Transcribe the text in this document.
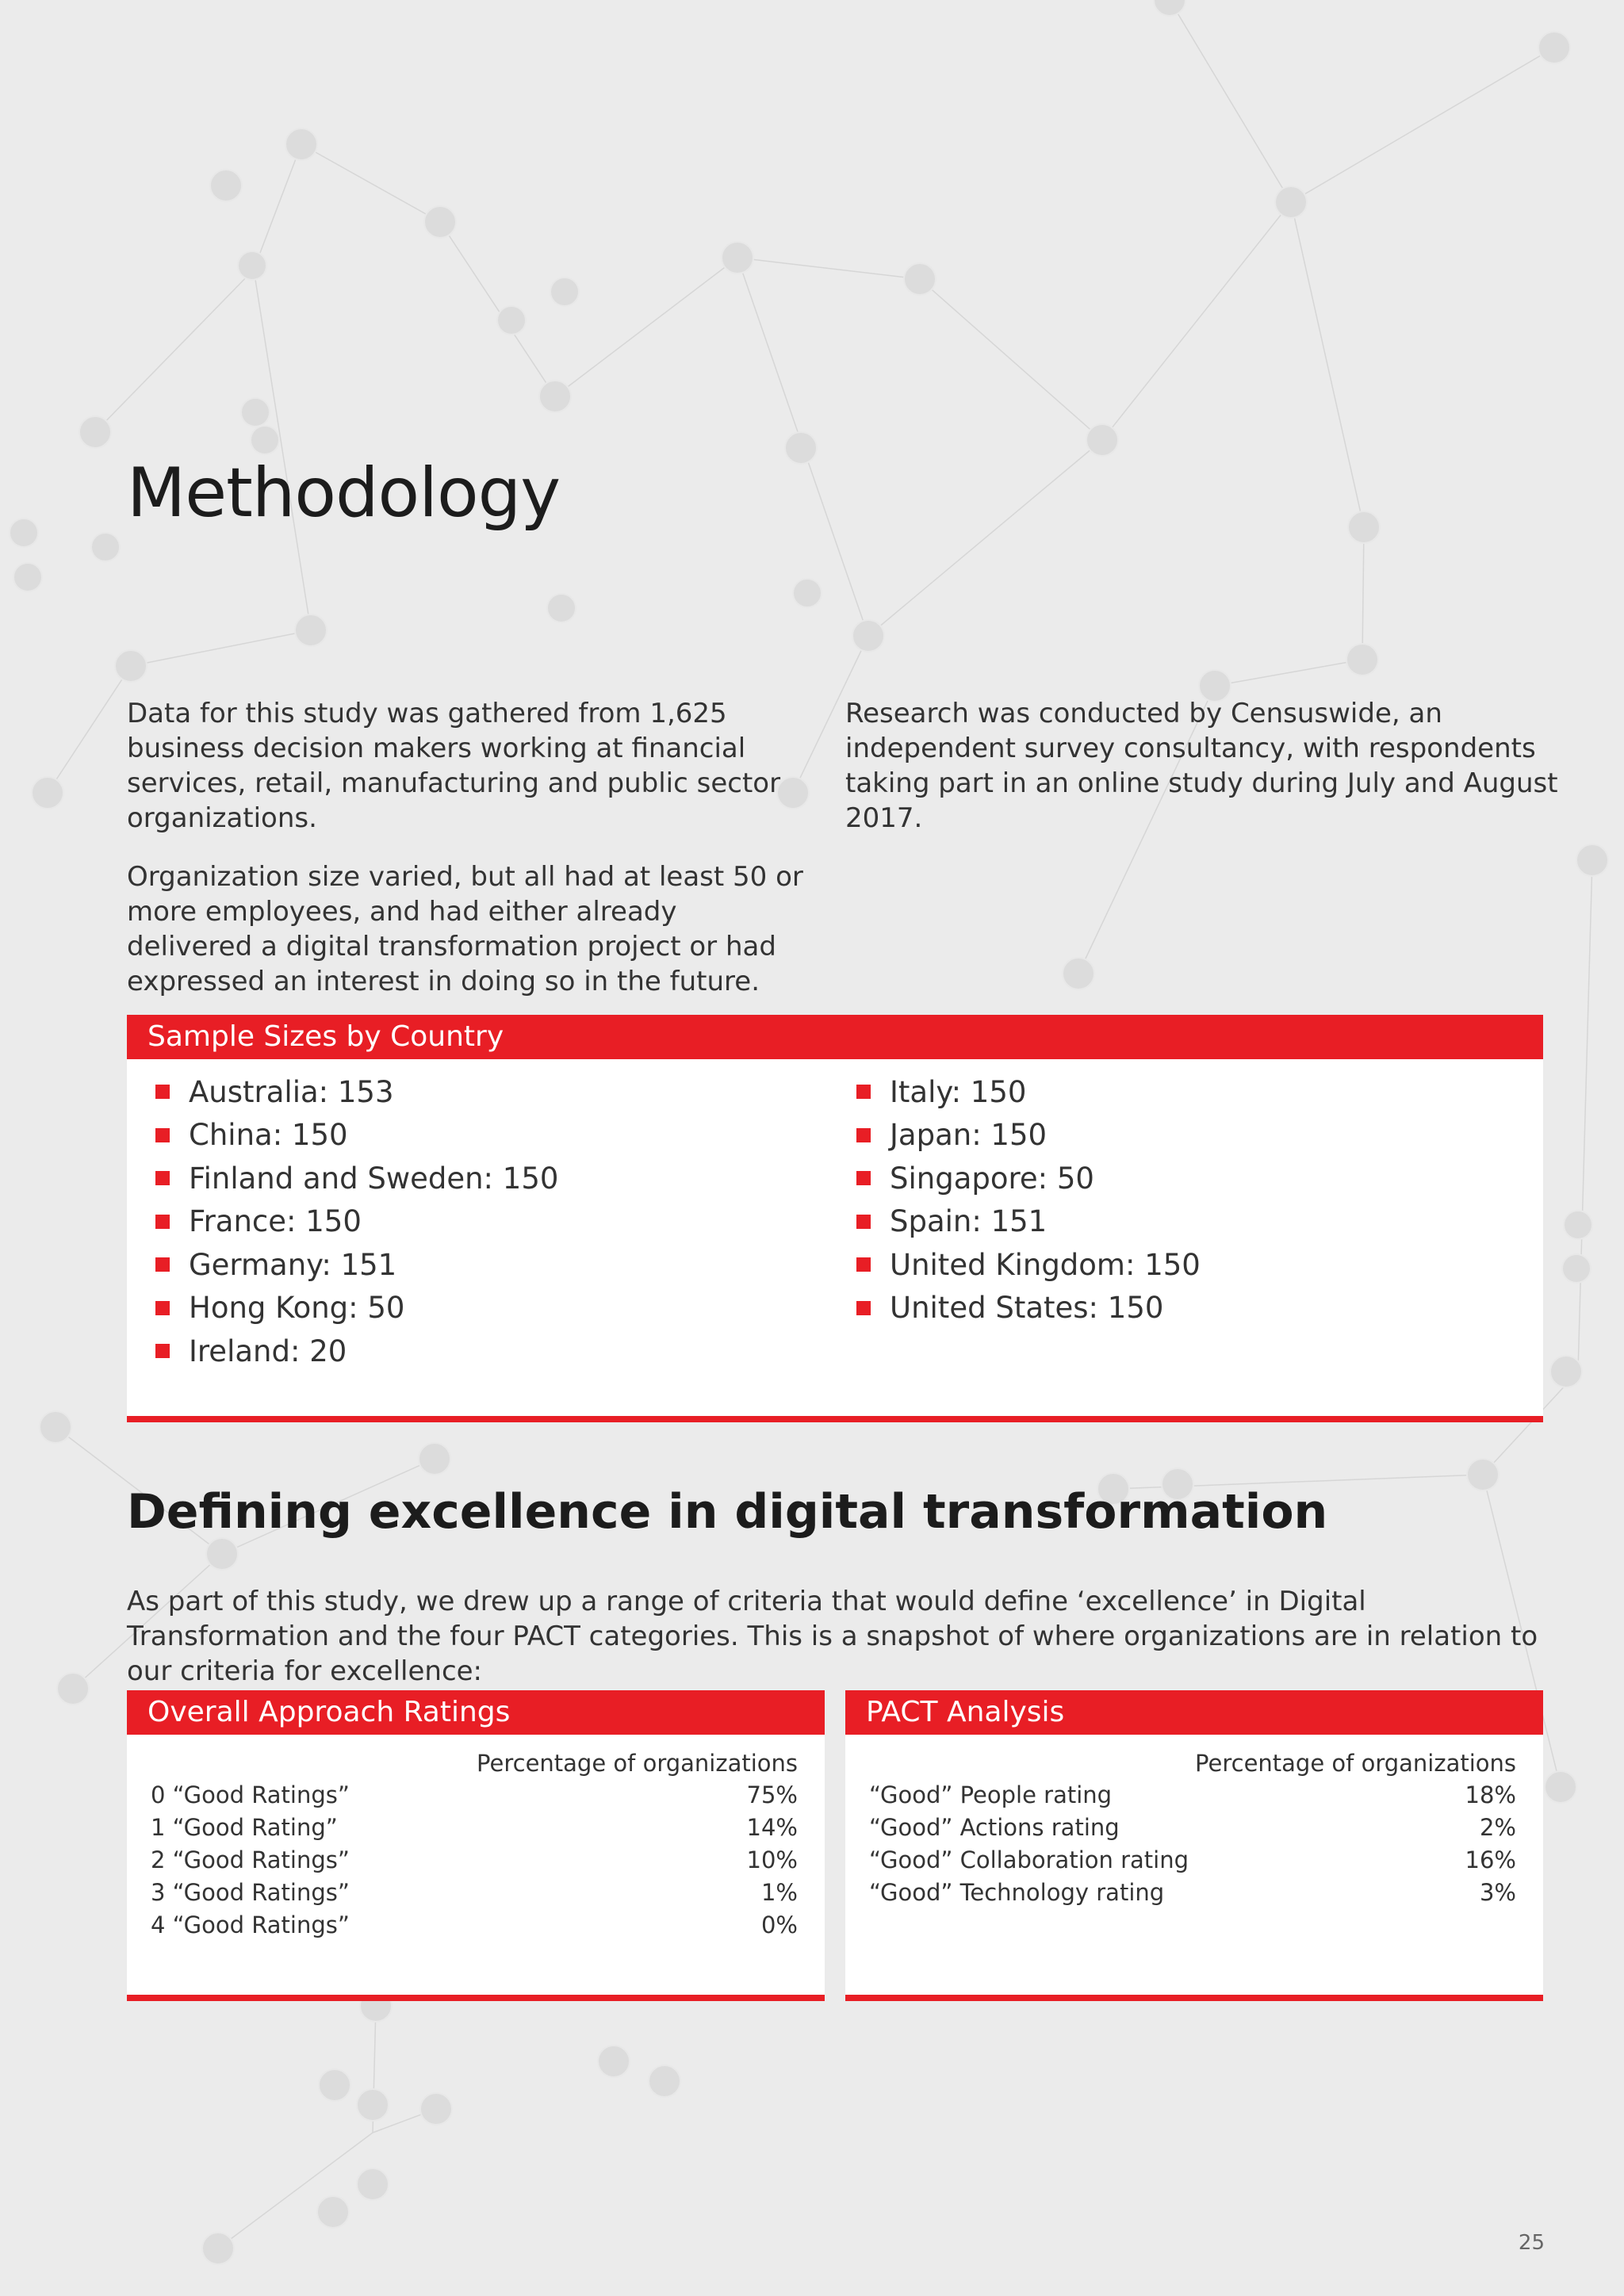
Methodology

Data for this study was gathered from 1,625 business decision makers working at financial services, retail, manufacturing and public sector organizations.

Organization size varied, but all had at least 50 or more employees, and had either already delivered a digital transformation project or had expressed an interest in doing so in the future.

Research was conducted by Censuswide, an independent survey consultancy, with respondents taking part in an online study during July and August 2017.

Sample Sizes by Country
Australia: 153
China: 150
Finland and Sweden: 150
France: 150
Germany: 151
Hong Kong: 50
Ireland: 20
Italy: 150
Japan: 150
Singapore: 50
Spain: 151
United Kingdom: 150
United States: 150
Defining excellence in digital transformation

As part of this study, we drew up a range of criteria that would define ‘excellence’ in Digital Transformation and the four PACT categories. This is a snapshot of where organizations are in relation to our criteria for excellence:

Overall Approach Ratings
Percentage of organizations
0 “Good Ratings”	75%
1 “Good Rating”	14%
2 “Good Ratings”	10%
3 “Good Ratings”	1%
4 “Good Ratings”	0%
PACT Analysis
Percentage of organizations
“Good” People rating	18%
“Good” Actions rating	2%
“Good” Collaboration rating	16%
“Good” Technology rating	3%
25
